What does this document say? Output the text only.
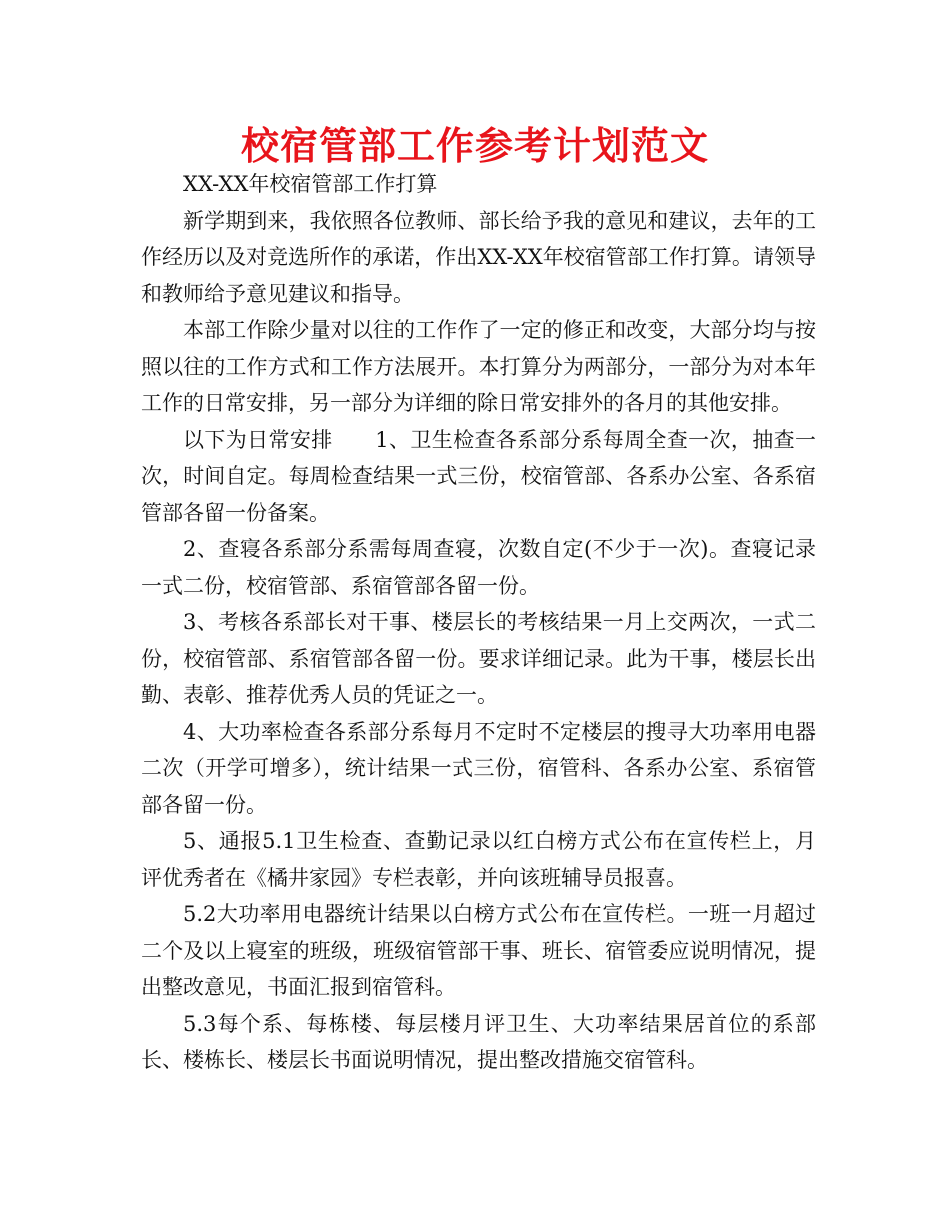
校宿管部工作参考计划范文

XX-XX年校宿管部工作打算

新学期到来，我依照各位教师、部长给予我的意见和建议，去年的工作经历以及对竞选所作的承诺，作出XX-XX年校宿管部工作打算。请领导和教师给予意见建议和指导。

本部工作除少量对以往的工作作了一定的修正和改变，大部分均与按照以往的工作方式和工作方法展开。本打算分为两部分，一部分为对本年工作的日常安排，另一部分为详细的除日常安排外的各月的其他安排。

以下为日常安排　　1、卫生检查各系部分系每周全查一次，抽查一次，时间自定。每周检查结果一式三份，校宿管部、各系办公室、各系宿管部各留一份备案。

2、查寝各系部分系需每周查寝，次数自定(不少于一次)。查寝记录一式二份，校宿管部、系宿管部各留一份。

3、考核各系部长对干事、楼层长的考核结果一月上交两次，一式二份，校宿管部、系宿管部各留一份。要求详细记录。此为干事，楼层长出勤、表彰、推荐优秀人员的凭证之一。

4、大功率检查各系部分系每月不定时不定楼层的搜寻大功率用电器二次（开学可增多），统计结果一式三份，宿管科、各系办公室、系宿管部各留一份。

5、通报5.1卫生检查、查勤记录以红白榜方式公布在宣传栏上，月评优秀者在《橘井家园》专栏表彰，并向该班辅导员报喜。

5.2大功率用电器统计结果以白榜方式公布在宣传栏。一班一月超过二个及以上寝室的班级，班级宿管部干事、班长、宿管委应说明情况，提出整改意见，书面汇报到宿管科。

5.3每个系、每栋楼、每层楼月评卫生、大功率结果居首位的系部长、楼栋长、楼层长书面说明情况，提出整改措施交宿管科。
